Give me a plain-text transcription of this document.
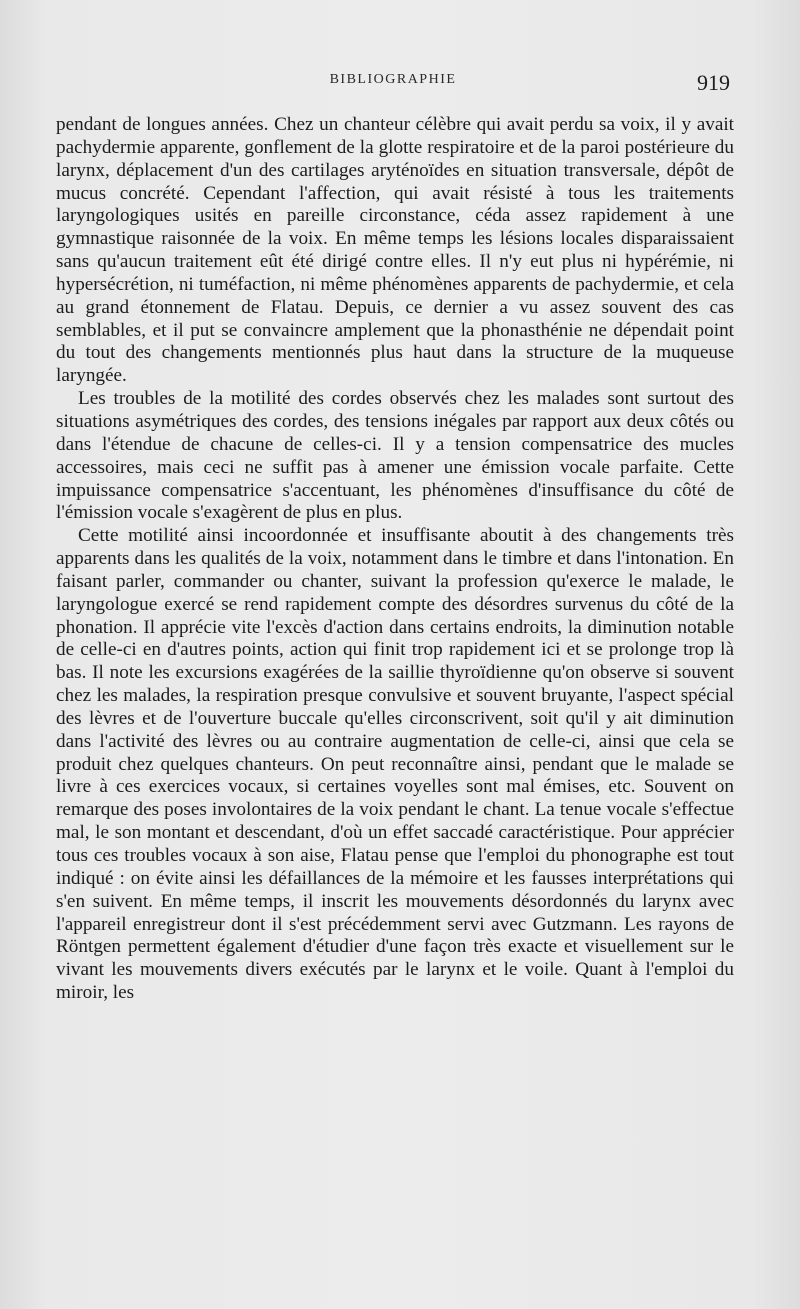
BIBLIOGRAPHIE	919

pendant de longues années. Chez un chanteur célèbre qui avait perdu sa voix, il y avait pachydermie apparente, gonflement de la glotte respiratoire et de la paroi postérieure du larynx, déplacement d'un des cartilages aryténoïdes en situation transversale, dépôt de mucus concrété. Cependant l'affection, qui avait résisté à tous les traitements laryngologiques usités en pareille circonstance, céda assez rapidement à une gymnastique raisonnée de la voix. En même temps les lésions locales disparaissaient sans qu'aucun traitement eût été dirigé contre elles. Il n'y eut plus ni hypérémie, ni hypersécrétion, ni tuméfaction, ni même phénomènes apparents de pachydermie, et cela au grand étonnement de Flatau. Depuis, ce dernier a vu assez souvent des cas semblables, et il put se convaincre amplement que la phonasthénie ne dépendait point du tout des changements mentionnés plus haut dans la structure de la muqueuse laryngée.

Les troubles de la motilité des cordes observés chez les malades sont surtout des situations asymétriques des cordes, des tensions inégales par rapport aux deux côtés ou dans l'étendue de chacune de celles-ci. Il y a tension compensatrice des mucles accessoires, mais ceci ne suffit pas à amener une émission vocale parfaite. Cette impuissance compensatrice s'accentuant, les phénomènes d'insuffisance du côté de l'émission vocale s'exagèrent de plus en plus.

Cette motilité ainsi incoordonnée et insuffisante aboutit à des changements très apparents dans les qualités de la voix, notamment dans le timbre et dans l'intonation. En faisant parler, commander ou chanter, suivant la profession qu'exerce le malade, le laryngologue exercé se rend rapidement compte des désordres survenus du côté de la phonation. Il apprécie vite l'excès d'action dans certains endroits, la diminution notable de celle-ci en d'autres points, action qui finit trop rapidement ici et se prolonge trop là bas. Il note les excursions exagérées de la saillie thyroïdienne qu'on observe si souvent chez les malades, la respiration presque convulsive et souvent bruyante, l'aspect spécial des lèvres et de l'ouverture buccale qu'elles circonscrivent, soit qu'il y ait diminution dans l'activité des lèvres ou au contraire augmentation de celle-ci, ainsi que cela se produit chez quelques chanteurs. On peut reconnaître ainsi, pendant que le malade se livre à ces exercices vocaux, si certaines voyelles sont mal émises, etc. Souvent on remarque des poses involontaires de la voix pendant le chant. La tenue vocale s'effectue mal, le son montant et descendant, d'où un effet saccadé caractéristique. Pour apprécier tous ces troubles vocaux à son aise, Flatau pense que l'emploi du phonographe est tout indiqué : on évite ainsi les défaillances de la mémoire et les fausses interprétations qui s'en suivent. En même temps, il inscrit les mouvements désordonnés du larynx avec l'appareil enregistreur dont il s'est précédemment servi avec Gutzmann. Les rayons de Röntgen permettent également d'étudier d'une façon très exacte et visuellement sur le vivant les mouvements divers exécutés par le larynx et le voile. Quant à l'emploi du miroir, les
